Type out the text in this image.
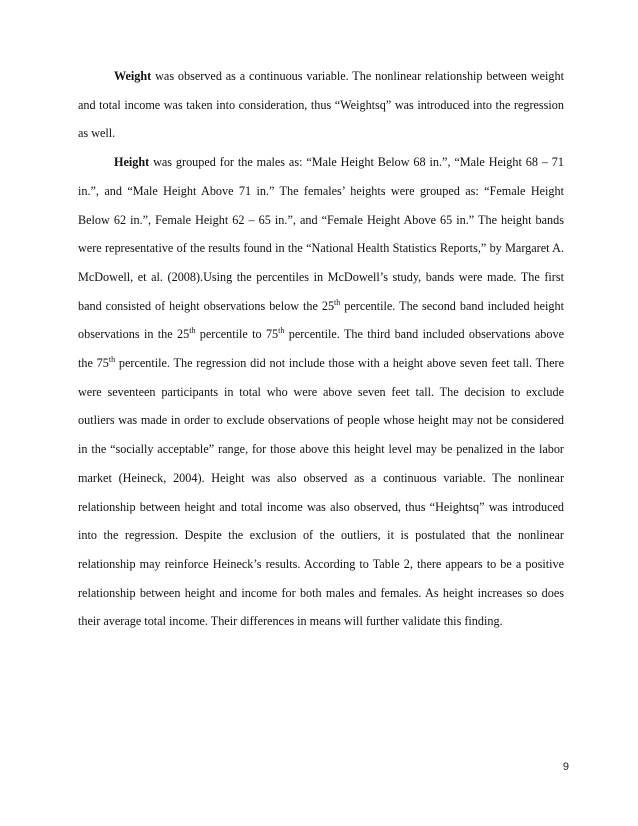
Weight was observed as a continuous variable. The nonlinear relationship between weight and total income was taken into consideration, thus “Weightsq” was introduced into the regression as well.

Height was grouped for the males as: “Male Height Below 68 in.”, “Male Height 68 – 71 in.”, and “Male Height Above 71 in.” The females’ heights were grouped as: “Female Height Below 62 in.”, Female Height 62 – 65 in.”, and “Female Height Above 65 in.” The height bands were representative of the results found in the “National Health Statistics Reports,” by Margaret A. McDowell, et al. (2008).Using the percentiles in McDowell’s study, bands were made. The first band consisted of height observations below the 25th percentile. The second band included height observations in the 25th percentile to 75th percentile. The third band included observations above the 75th percentile. The regression did not include those with a height above seven feet tall. There were seventeen participants in total who were above seven feet tall. The decision to exclude outliers was made in order to exclude observations of people whose height may not be considered in the “socially acceptable” range, for those above this height level may be penalized in the labor market (Heineck, 2004). Height was also observed as a continuous variable. The nonlinear relationship between height and total income was also observed, thus “Heightsq” was introduced into the regression. Despite the exclusion of the outliers, it is postulated that the nonlinear relationship may reinforce Heineck’s results. According to Table 2, there appears to be a positive relationship between height and income for both males and females. As height increases so does their average total income. Their differences in means will further validate this finding.

9
